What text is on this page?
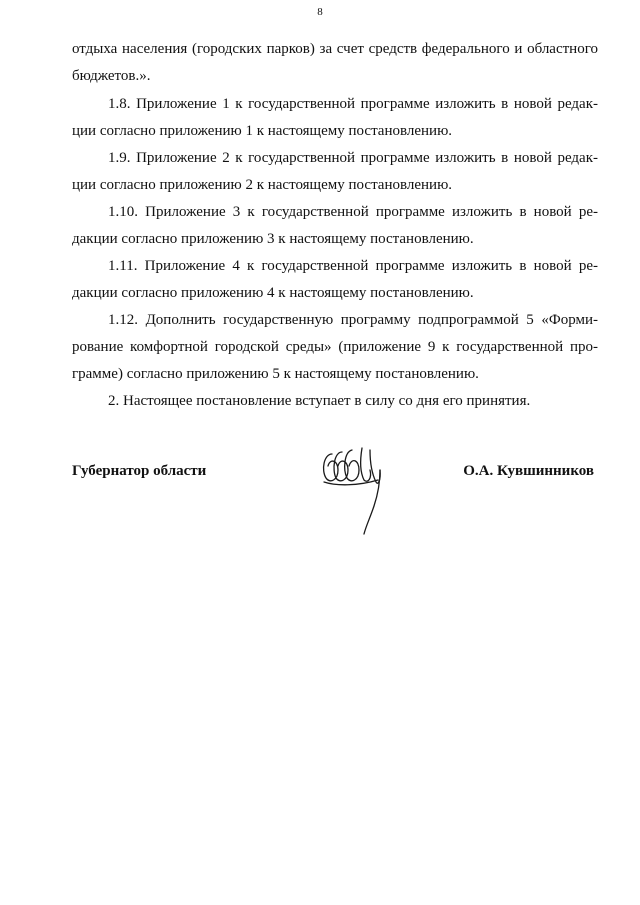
8
отдыха населения (городских парков) за счет средств федерального и областного
бюджетов.».
1.8. Приложение 1 к государственной программе изложить в новой редак-
ции согласно приложению 1 к настоящему постановлению.
1.9. Приложение 2 к государственной программе изложить в новой редак-
ции согласно приложению 2 к настоящему постановлению.
1.10. Приложение 3 к государственной программе изложить в новой ре-
дакции согласно приложению 3 к настоящему постановлению.
1.11. Приложение 4 к государственной программе изложить в новой ре-
дакции согласно приложению 4 к настоящему постановлению.
1.12. Дополнить государственную программу подпрограммой 5 «Форми-
рование комфортной городской среды» (приложение 9 к государственной про-
грамме) согласно приложению 5 к настоящему постановлению.
2. Настоящее постановление вступает в силу со дня его принятия.
Губернатор области	О.А. Кувшинников
